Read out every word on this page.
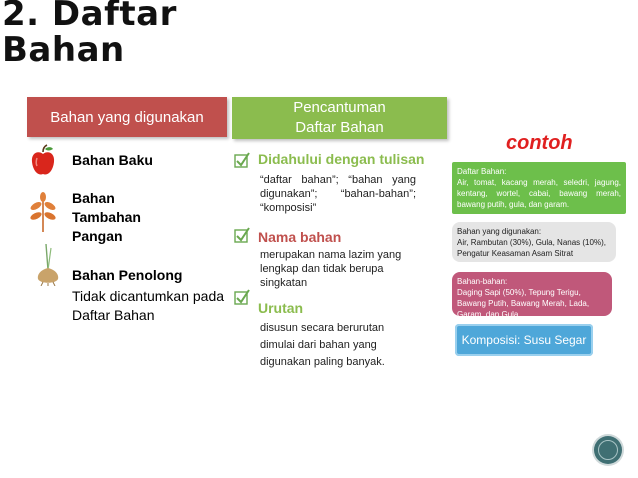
2. Daftar
Bahan
Bahan yang digunakan
Pencantuman
Daftar Bahan
Bahan Baku
Bahan
Tambahan
Pangan
Bahan Penolong
Tidak dicantumkan pada
Daftar Bahan
Didahului dengan tulisan
“daftar bahan”; “bahan yang
digunakan”; “bahan-bahan”;
“komposisi”
Nama bahan
merupakan nama lazim yang
lengkap dan tidak berupa
singkatan
Urutan
disusun secara berurutan
dimulai dari bahan yang
digunakan paling banyak.
contoh
Daftar Bahan:
Air, tomat, kacang merah, seledri, jagung, kentang, wortel, cabai, bawang merah, bawang putih, gula, dan garam.
Bahan yang digunakan:
Air, Rambutan (30%), Gula, Nanas (10%), Pengatur Keasaman Asam Sitrat
Bahan-bahan:
Daging Sapi (50%), Tepung Terigu, Bawang Putih, Bawang Merah, Lada, Garam, dan Gula.
Komposisi: Susu Segar
